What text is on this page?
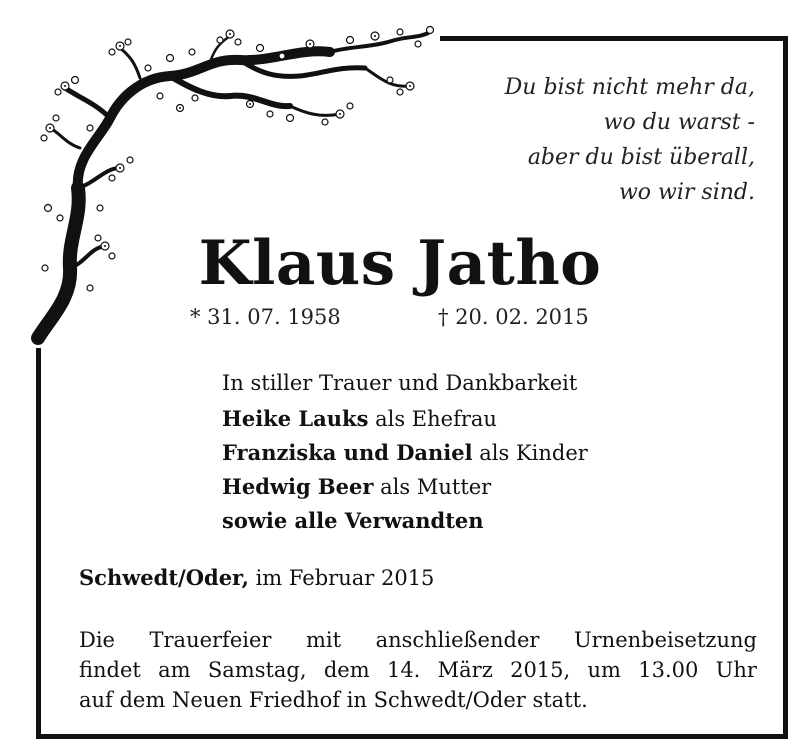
Du bist nicht mehr da,
wo du warst -
aber du bist überall,
wo wir sind.
Klaus Jatho
* 31. 07. 1958	† 20. 02. 2015
In stiller Trauer und Dankbarkeit
Heike Lauks als Ehefrau
Franziska und Daniel als Kinder
Hedwig Beer als Mutter
sowie alle Verwandten
Schwedt/Oder, im Februar 2015
Die Trauerfeier mit anschließender Urnenbeisetzung
findet am Samstag, dem 14. März 2015, um 13.00 Uhr
auf dem Neuen Friedhof in Schwedt/Oder statt.
